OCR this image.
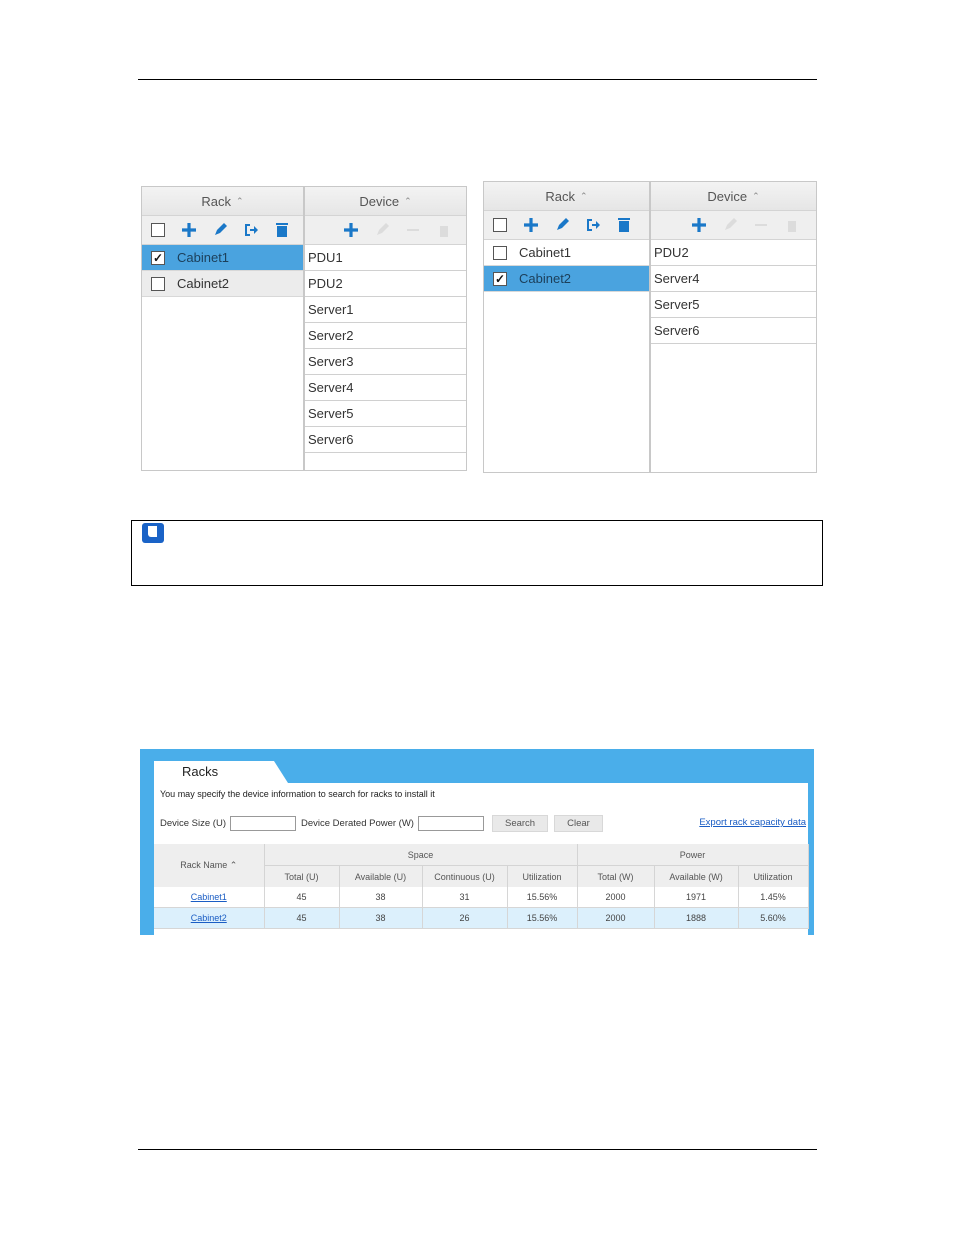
Rack ⌃
✓ Cabinet1
Cabinet2
Device ⌃
PDU1
PDU2
Server1
Server2
Server3
Server4
Server5
Server6
Rack ⌃
Cabinet1
✓ Cabinet2
Device ⌃
PDU2
Server4
Server5
Server6
Racks
You may specify the device information to search for racks to install it
Device Size (U)	Device Derated Power (W)	Search	Clear	Export rack capacity data
Rack Name ⌃	Space				Power		
	Total (U)	Available (U)	Continuous (U)	Utilization	Total (W)	Available (W)	Utilization
Cabinet1	45	38	31	15.56%	2000	1971	1.45%
Cabinet2	45	38	26	15.56%	2000	1888	5.60%
